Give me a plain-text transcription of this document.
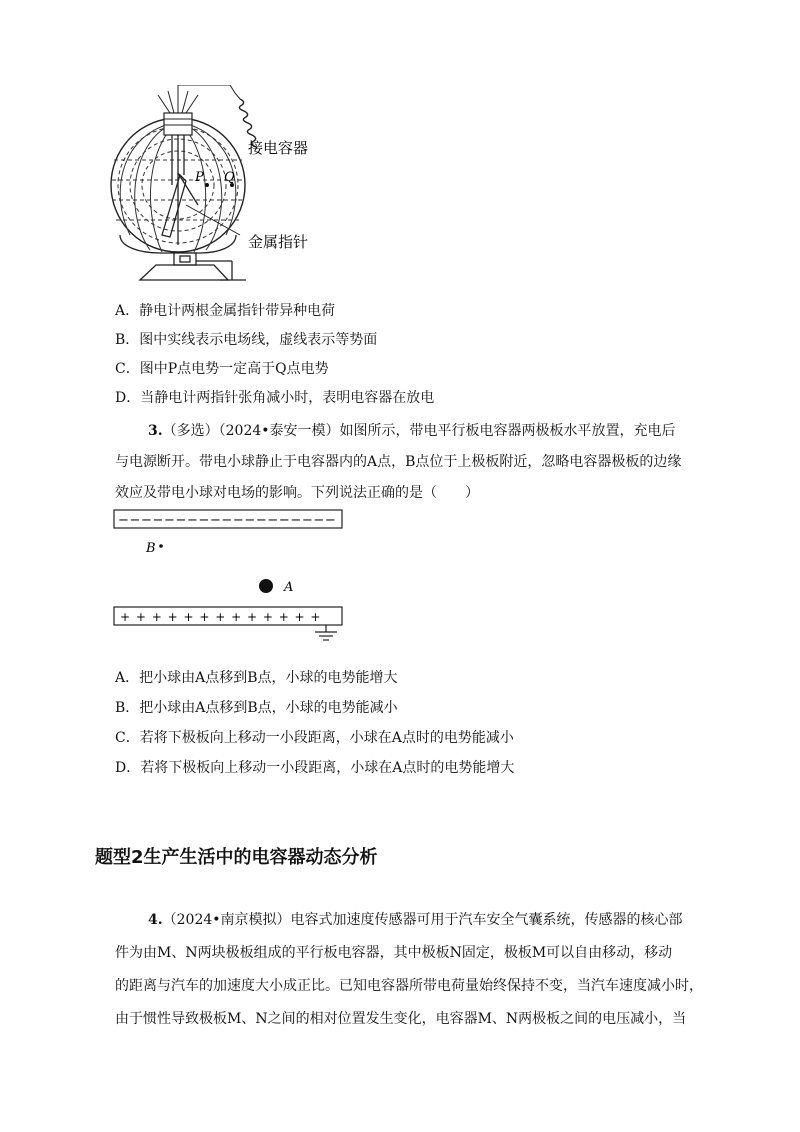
P Q
接电容器
金属指针
A．静电计两根金属指针带异种电荷
B．图中实线表示电场线，虚线表示等势面
C．图中P点电势一定高于Q点电势
D．当静电计两指针张角减小时，表明电容器在放电
3.（多选）（2024•泰安一模）如图所示，带电平行板电容器两极板水平放置，充电后
与电源断开。带电小球静止于电容器内的A点，B点位于上极板附近，忽略电容器极板的边缘
效应及带电小球对电场的影响。下列说法正确的是（　　）
−−−−−−−−−−−−−−−−−−−
B
A
+ + + + + + + + + + + + +
A．把小球由A点移到B点，小球的电势能增大
B．把小球由A点移到B点，小球的电势能减小
C．若将下极板向上移动一小段距离，小球在A点时的电势能减小
D．若将下极板向上移动一小段距离，小球在A点时的电势能增大
题型2生产生活中的电容器动态分析
4.（2024•南京模拟）电容式加速度传感器可用于汽车安全气囊系统，传感器的核心部
件为由M、N两块极板组成的平行板电容器，其中极板N固定，极板M可以自由移动，移动
的距离与汽车的加速度大小成正比。已知电容器所带电荷量始终保持不变，当汽车速度减小时，
由于惯性导致极板M、N之间的相对位置发生变化，电容器M、N两极板之间的电压减小，当
